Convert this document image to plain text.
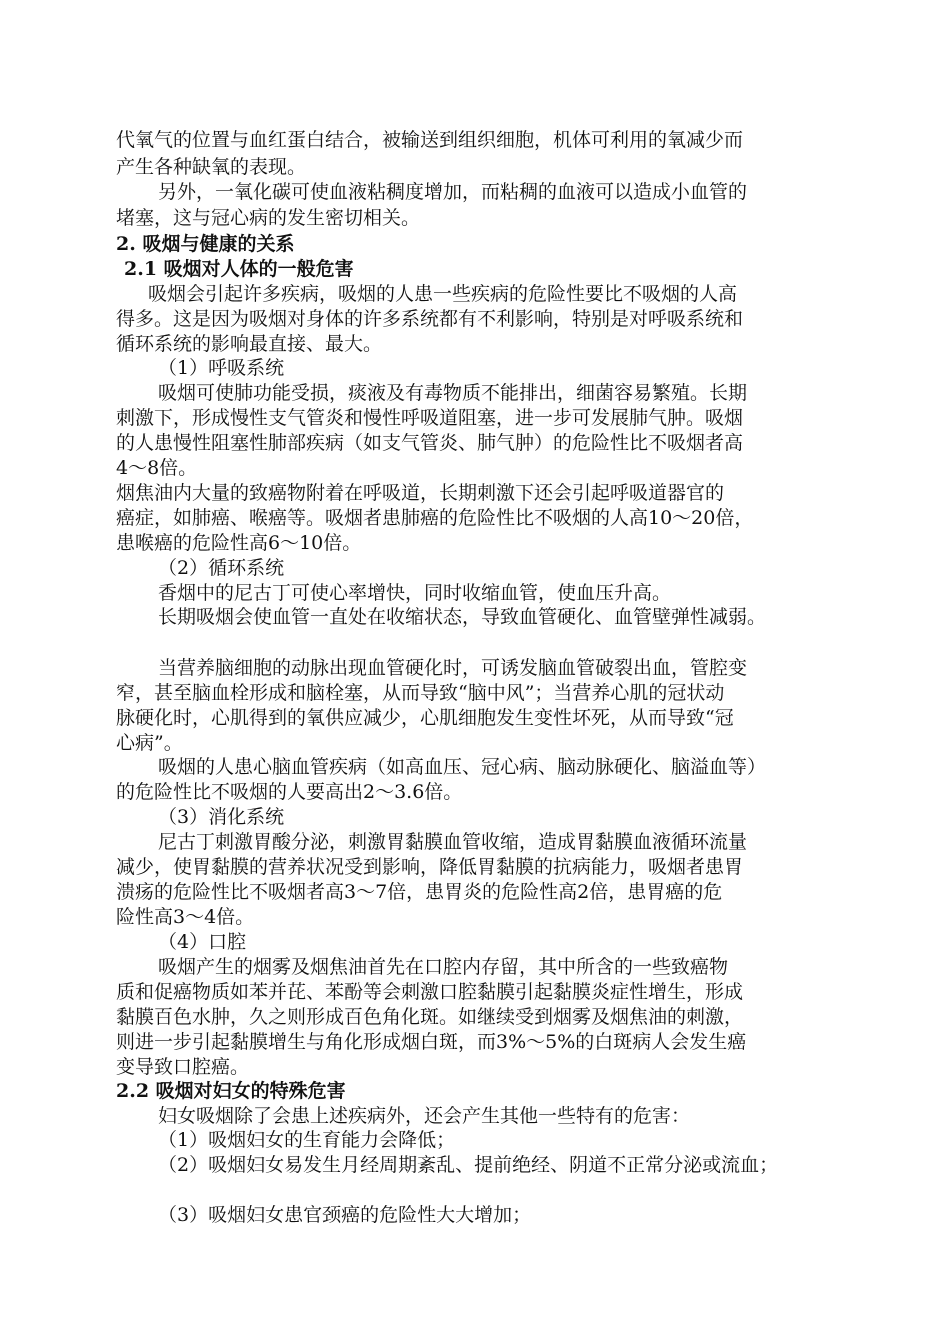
代氧气的位置与血红蛋白结合，被输送到组织细胞，机体可利用的氧减少而
产生各种缺氧的表现。
另外，一氧化碳可使血液粘稠度增加，而粘稠的血液可以造成小血管的
堵塞，这与冠心病的发生密切相关。
2. 吸烟与健康的关系
2.1 吸烟对人体的一般危害
吸烟会引起许多疾病，吸烟的人患一些疾病的危险性要比不吸烟的人高
得多。这是因为吸烟对身体的许多系统都有不利影响，特别是对呼吸系统和
循环系统的影响最直接、最大。
（1）呼吸系统
吸烟可使肺功能受损，痰液及有毒物质不能排出，细菌容易繁殖。长期
刺激下，形成慢性支气管炎和慢性呼吸道阻塞，进一步可发展肺气肿。吸烟
的人患慢性阻塞性肺部疾病（如支气管炎、肺气肿）的危险性比不吸烟者高
4～8倍。
烟焦油内大量的致癌物附着在呼吸道，长期刺激下还会引起呼吸道器官的
癌症，如肺癌、喉癌等。吸烟者患肺癌的危险性比不吸烟的人高10～20倍，
患喉癌的危险性高6～10倍。
（2）循环系统
香烟中的尼古丁可使心率增快，同时收缩血管，使血压升高。
长期吸烟会使血管一直处在收缩状态，导致血管硬化、血管壁弹性减弱。
当营养脑细胞的动脉出现血管硬化时，可诱发脑血管破裂出血，管腔变
窄，甚至脑血栓形成和脑栓塞，从而导致“脑中风”；当营养心肌的冠状动
脉硬化时，心肌得到的氧供应减少，心肌细胞发生变性坏死，从而导致“冠
心病”。
吸烟的人患心脑血管疾病（如高血压、冠心病、脑动脉硬化、脑溢血等）
的危险性比不吸烟的人要高出2～3.6倍。
（3）消化系统
尼古丁刺激胃酸分泌，刺激胃黏膜血管收缩，造成胃黏膜血液循环流量
减少，使胃黏膜的营养状况受到影响，降低胃黏膜的抗病能力，吸烟者患胃
溃疡的危险性比不吸烟者高3～7倍，患胃炎的危险性高2倍，患胃癌的危
险性高3～4倍。
（4）口腔
吸烟产生的烟雾及烟焦油首先在口腔内存留，其中所含的一些致癌物
质和促癌物质如苯并芘、苯酚等会刺激口腔黏膜引起黏膜炎症性增生，形成
黏膜百色水肿，久之则形成百色角化斑。如继续受到烟雾及烟焦油的刺激，
则进一步引起黏膜增生与角化形成烟白斑，而3%～5%的白斑病人会发生癌
变导致口腔癌。
2.2 吸烟对妇女的特殊危害
妇女吸烟除了会患上述疾病外，还会产生其他一些特有的危害：
（1）吸烟妇女的生育能力会降低；
（2）吸烟妇女易发生月经周期紊乱、提前绝经、阴道不正常分泌或流血；
（3）吸烟妇女患官颈癌的危险性大大增加；
